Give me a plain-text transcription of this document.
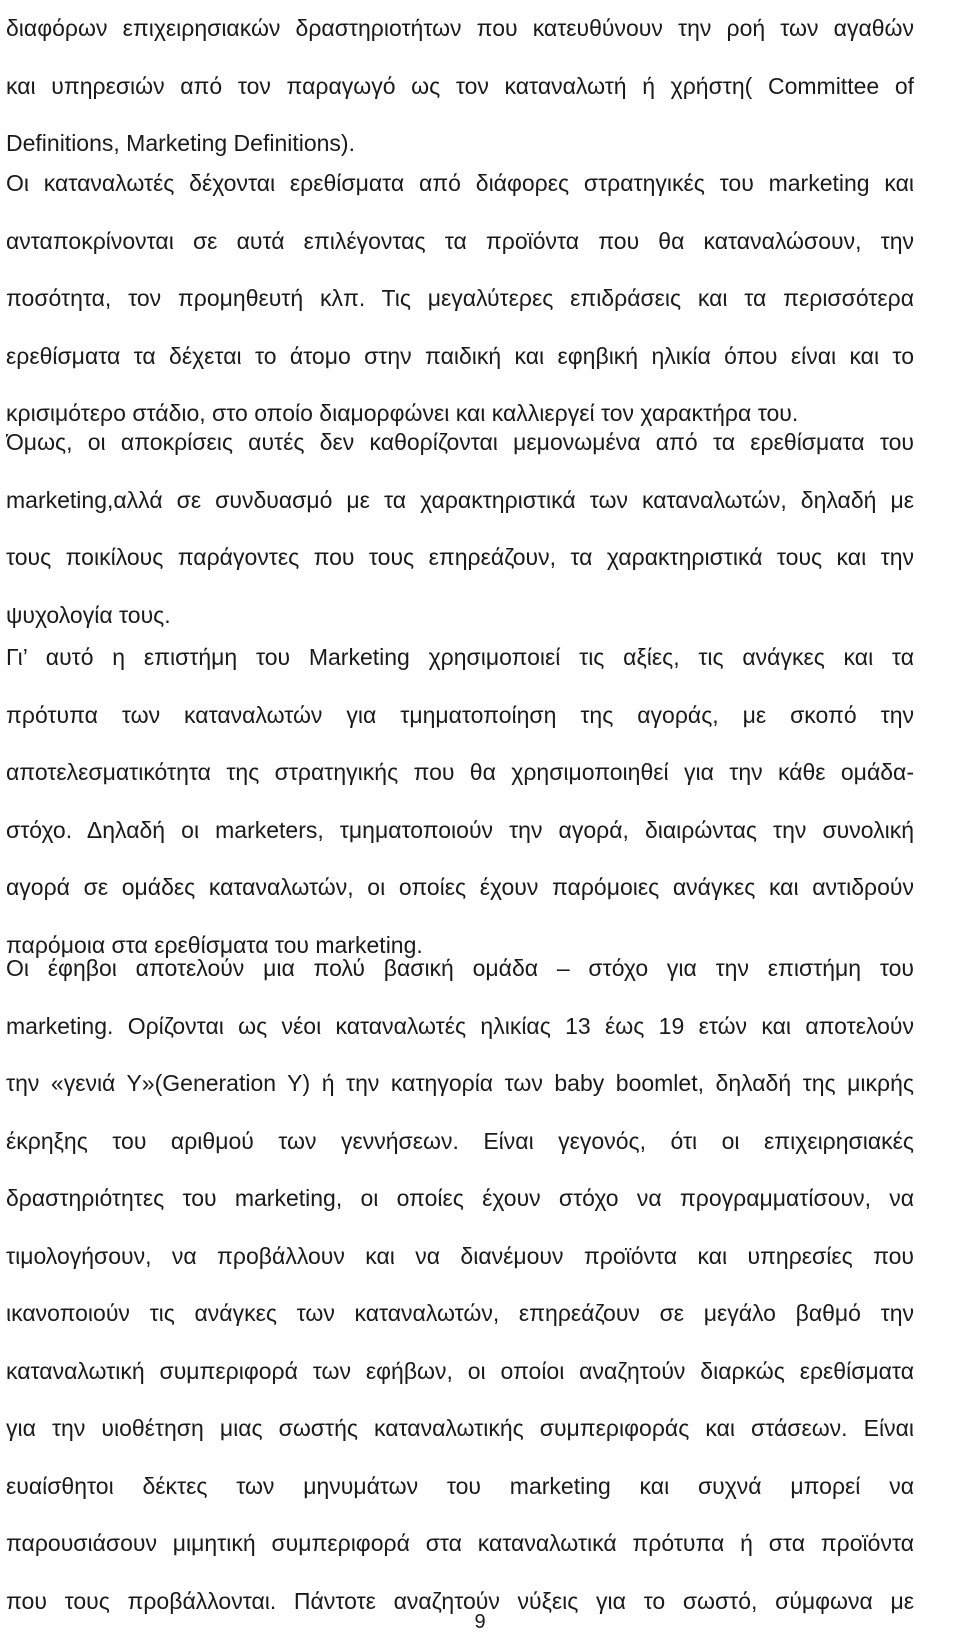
διαφόρων επιχειρησιακών δραστηριοτήτων που κατευθύνουν την ροή των αγαθών
και υπηρεσιών από τον παραγωγό ως τον καταναλωτή ή χρήστη( Committee of
Definitions, Marketing Definitions).
Οι καταναλωτές δέχονται ερεθίσματα από διάφορες στρατηγικές του marketing και
ανταποκρίνονται σε αυτά επιλέγοντας τα προϊόντα που θα καταναλώσουν, την
ποσότητα, τον προμηθευτή κλπ. Τις μεγαλύτερες επιδράσεις και τα περισσότερα
ερεθίσματα τα δέχεται το άτομο στην παιδική και εφηβική ηλικία όπου είναι και το
κρισιμότερο στάδιο, στο οποίο διαμορφώνει και καλλιεργεί τον χαρακτήρα του.
Όμως, οι αποκρίσεις αυτές δεν καθορίζονται μεμονωμένα από τα ερεθίσματα του
marketing,αλλά σε συνδυασμό με τα χαρακτηριστικά των καταναλωτών, δηλαδή με
τους ποικίλους παράγοντες που τους επηρεάζουν, τα χαρακτηριστικά τους και την
ψυχολογία τους.
Γι’ αυτό η επιστήμη του Marketing χρησιμοποιεί τις αξίες, τις ανάγκες και τα
πρότυπα των καταναλωτών για τμηματοποίηση της αγοράς, με σκοπό την
αποτελεσματικότητα της στρατηγικής που θα χρησιμοποιηθεί για την κάθε ομάδα-
στόχο. Δηλαδή οι marketers, τμηματοποιούν την αγορά, διαιρώντας την συνολική
αγορά σε ομάδες καταναλωτών, οι οποίες έχουν παρόμοιες ανάγκες και αντιδρούν
παρόμοια στα ερεθίσματα του marketing.
Οι έφηβοι αποτελούν μια πολύ βασική ομάδα – στόχο για την επιστήμη του
marketing. Ορίζονται ως νέοι καταναλωτές ηλικίας 13 έως 19 ετών και αποτελούν
την «γενιά Υ»(Generation Y) ή την κατηγορία των baby boomlet, δηλαδή της μικρής
έκρηξης του αριθμού των γεννήσεων. Είναι γεγονός, ότι οι επιχειρησιακές
δραστηριότητες του marketing, οι οποίες έχουν στόχο να προγραμματίσουν, να
τιμολογήσουν, να προβάλλουν και να διανέμουν προϊόντα και υπηρεσίες που
ικανοποιούν τις ανάγκες των καταναλωτών, επηρεάζουν σε μεγάλο βαθμό την
καταναλωτική συμπεριφορά των εφήβων, οι οποίοι αναζητούν διαρκώς ερεθίσματα
για την υιοθέτηση μιας σωστής καταναλωτικής συμπεριφοράς και στάσεων. Είναι
ευαίσθητοι δέκτες των μηνυμάτων του marketing και συχνά μπορεί να
παρουσιάσουν μιμητική συμπεριφορά στα καταναλωτικά πρότυπα ή στα προϊόντα
που τους προβάλλονται. Πάντοτε αναζητούν νύξεις για το σωστό, σύμφωνα με
9
